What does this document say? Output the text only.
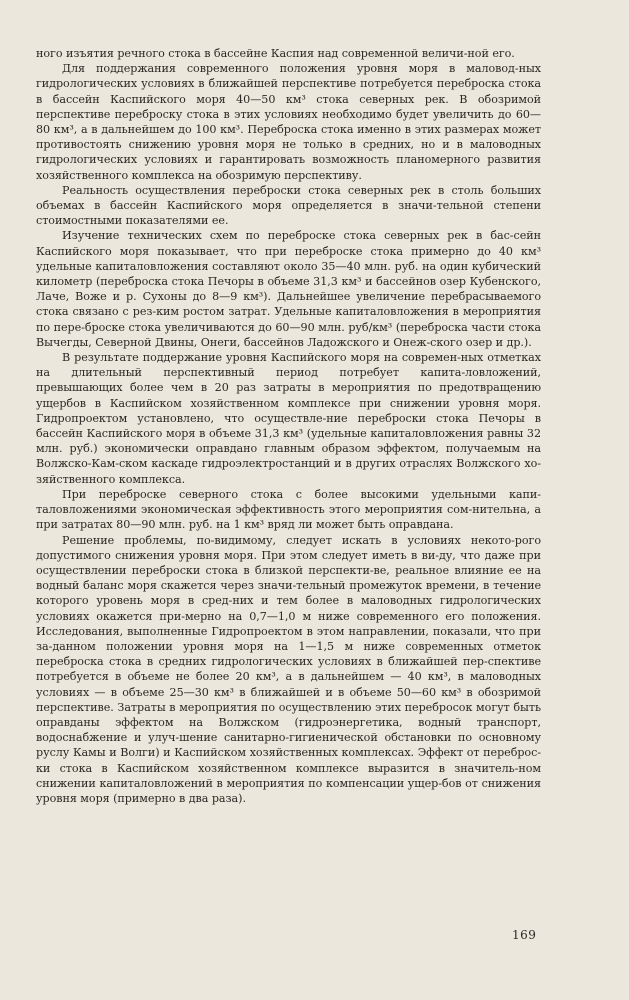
ного изъятия речного стока в бассейне Каспия над современной величи-ной его.

Для поддержания современного положения уровня моря в маловод-ных гидрологических условиях в ближайшей перспективе потребуется переброска стока в бассейн Каспийского моря 40—50 км³ стока северных рек. В обозримой перспективе переброску стока в этих условиях необходимо будет увеличить до 60—80 км³, а в дальнейшем до 100 км³. Переброска стока именно в этих размерах может противостоять снижению уровня моря не только в средних, но и в маловодных гидрологических условиях и гарантировать возможность планомерного развития хозяйственного комплекса на обозримую перспективу.

Реальность осуществления переброски стока северных рек в столь больших объемах в бассейн Каспийского моря определяется в значи-тельной степени стоимостными показателями ее.

Изучение технических схем по переброске стока северных рек в бас-сейн Каспийского моря показывает, что при переброске стока примерно до 40 км³ удельные капиталовложения составляют около 35—40 млн. руб. на один кубический километр (переброска стока Печоры в объеме 31,3 км³ и бассейнов озер Кубенского, Лаче, Воже и р. Сухоны до 8—9 км³). Дальнейшее увеличение перебрасываемого стока связано с рез-ким ростом затрат. Удельные капиталовложения в мероприятия по пере-броске стока увеличиваются до 60—90 млн. руб/км³ (переброска части стока Вычегды, Северной Двины, Онеги, бассейнов Ладожского и Онеж-ского озер и др.).

В результате поддержание уровня Каспийского моря на современ-ных отметках на длительный перспективный период потребует капита-ловложений, превышающих более чем в 20 раз затраты в мероприятия по предотвращению ущербов в Каспийском хозяйственном комплексе при снижении уровня моря. Гидропроектом установлено, что осуществле-ние переброски стока Печоры в бассейн Каспийского моря в объеме 31,3 км³ (удельные капиталовложения равны 32 млн. руб.) экономически оправдано главным образом эффектом, получаемым на Волжско-Кам-ском каскаде гидроэлектростанций и в других отраслях Волжского хо-зяйственного комплекса.

При переброске северного стока с более высокими удельными капи-таловложениями экономическая эффективность этого мероприятия сом-нительна, а при затратах 80—90 млн. руб. на 1 км³ вряд ли может быть оправдана.

Решение проблемы, по-видимому, следует искать в условиях некото-рого допустимого снижения уровня моря. При этом следует иметь в ви-ду, что даже при осуществлении переброски стока в близкой перспекти-ве, реальное влияние ее на водный баланс моря скажется через значи-тельный промежуток времени, в течение которого уровень моря в сред-них и тем более в маловодных гидрологических условиях окажется при-мерно на 0,7—1,0 м ниже современного его положения. Исследования, выполненные Гидропроектом в этом направлении, показали, что при за-данном положении уровня моря на 1—1,5 м ниже современных отметок переброска стока в средних гидрологических условиях в ближайшей пер-спективе потребуется в объеме не более 20 км³, а в дальнейшем — 40 км³, в маловодных условиях — в объеме 25—30 км³ в ближайшей и в объеме 50—60 км³ в обозримой перспективе. Затраты в мероприятия по осуществлению этих перебросок могут быть оправданы эффектом на Волжском (гидроэнергетика, водный транспорт, водоснабжение и улуч-шение санитарно-гигиенической обстановки по основному руслу Камы и Волги) и Каспийском хозяйственных комплексах. Эффект от переброс-ки стока в Каспийском хозяйственном комплексе выразится в значитель-ном снижении капиталовложений в мероприятия по компенсации ущер-бов от снижения уровня моря (примерно в два раза).

169
